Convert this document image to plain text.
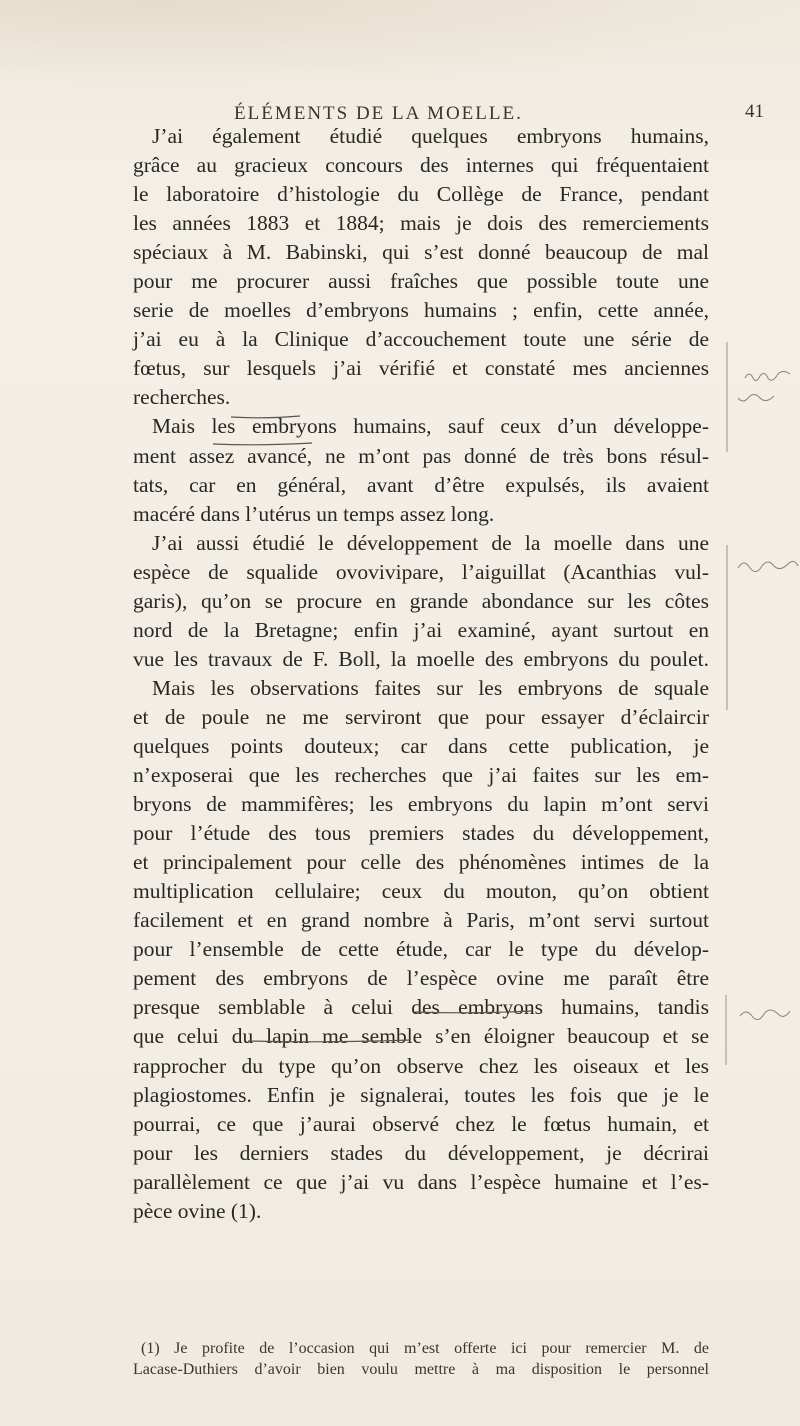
ÉLÉMENTS DE LA MOELLE.	41
J’ai également étudié quelques embryons humains,
grâce au gracieux concours des internes qui fréquentaient
le laboratoire d’histologie du Collège de France, pendant
les années 1883 et 1884; mais je dois des remerciements
spéciaux à M. Babinski, qui s’est donné beaucoup de mal
pour me procurer aussi fraîches que possible toute une
serie de moelles d’embryons humains ; enfin, cette année,
j’ai eu à la Clinique d’accouchement toute une série de
fœtus, sur lesquels j’ai vérifié et constaté mes anciennes
recherches.
Mais les embryons humains, sauf ceux d’un développe-
ment assez avancé, ne m’ont pas donné de très bons résul-
tats, car en général, avant d’être expulsés, ils avaient
macéré dans l’utérus un temps assez long.
J’ai aussi étudié le développement de la moelle dans une
espèce de squalide ovovivipare, l’aiguillat (Acanthias vul-
garis), qu’on se procure en grande abondance sur les côtes
nord de la Bretagne; enfin j’ai examiné, ayant surtout en
vue les travaux de F. Boll, la moelle des embryons du poulet.
Mais les observations faites sur les embryons de squale
et de poule ne me serviront que pour essayer d’éclaircir
quelques points douteux; car dans cette publication, je
n’exposerai que les recherches que j’ai faites sur les em-
bryons de mammifères; les embryons du lapin m’ont servi
pour l’étude des tous premiers stades du développement,
et principalement pour celle des phénomènes intimes de la
multiplication cellulaire; ceux du mouton, qu’on obtient
facilement et en grand nombre à Paris, m’ont servi surtout
pour l’ensemble de cette étude, car le type du dévelop-
pement des embryons de l’espèce ovine me paraît être
presque semblable à celui des embryons humains, tandis
que celui du lapin me semble s’en éloigner beaucoup et se
rapprocher du type qu’on observe chez les oiseaux et les
plagiostomes. Enfin je signalerai, toutes les fois que je le
pourrai, ce que j’aurai observé chez le fœtus humain, et
pour les derniers stades du développement, je décrirai
parallèlement ce que j’ai vu dans l’espèce humaine et l’es-
pèce ovine (1).
(1) Je profite de l’occasion qui m’est offerte ici pour remercier M. de
Lacase-Duthiers d’avoir bien voulu mettre à ma disposition le personnel
